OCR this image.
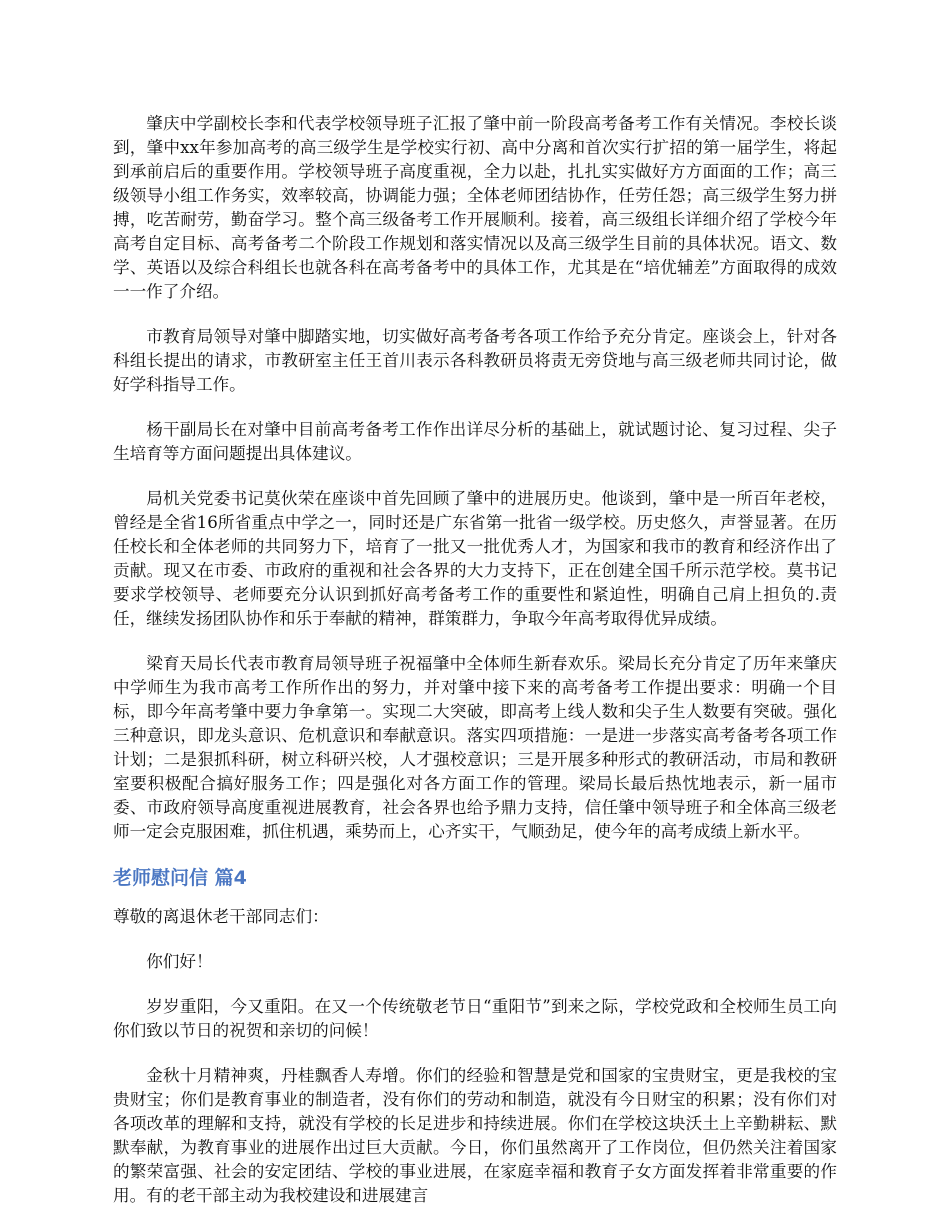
肇庆中学副校长李和代表学校领导班子汇报了肇中前一阶段高考备考工作有关情况。李校长谈到，肇中xx年参加高考的高三级学生是学校实行初、高中分离和首次实行扩招的第一届学生，将起到承前启后的重要作用。学校领导班子高度重视，全力以赴，扎扎实实做好方方面面的工作；高三级领导小组工作务实，效率较高，协调能力强；全体老师团结协作，任劳任怨；高三级学生努力拼搏，吃苦耐劳，勤奋学习。整个高三级备考工作开展顺利。接着，高三级组长详细介绍了学校今年高考自定目标、高考备考二个阶段工作规划和落实情况以及高三级学生目前的具体状况。语文、数学、英语以及综合科组长也就各科在高考备考中的具体工作，尤其是在“培优辅差”方面取得的成效一一作了介绍。

市教育局领导对肇中脚踏实地，切实做好高考备考各项工作给予充分肯定。座谈会上，针对各科组长提出的请求，市教研室主任王首川表示各科教研员将责无旁贷地与高三级老师共同讨论，做好学科指导工作。

杨干副局长在对肇中目前高考备考工作作出详尽分析的基础上，就试题讨论、复习过程、尖子生培育等方面问题提出具体建议。

局机关党委书记莫伙荣在座谈中首先回顾了肇中的进展历史。他谈到，肇中是一所百年老校，曾经是全省16所省重点中学之一，同时还是广东省第一批省一级学校。历史悠久，声誉显著。在历任校长和全体老师的共同努力下，培育了一批又一批优秀人才，为国家和我市的教育和经济作出了贡献。现又在市委、市政府的重视和社会各界的大力支持下，正在创建全国千所示范学校。莫书记要求学校领导、老师要充分认识到抓好高考备考工作的重要性和紧迫性，明确自己肩上担负的.责任，继续发扬团队协作和乐于奉献的精神，群策群力，争取今年高考取得优异成绩。

梁育天局长代表市教育局领导班子祝福肇中全体师生新春欢乐。梁局长充分肯定了历年来肇庆中学师生为我市高考工作所作出的努力，并对肇中接下来的高考备考工作提出要求：明确一个目标，即今年高考肇中要力争拿第一。实现二大突破，即高考上线人数和尖子生人数要有突破。强化三种意识，即龙头意识、危机意识和奉献意识。落实四项措施：一是进一步落实高考备考各项工作计划；二是狠抓科研，树立科研兴校，人才强校意识；三是开展多种形式的教研活动，市局和教研室要积极配合搞好服务工作；四是强化对各方面工作的管理。梁局长最后热忱地表示，新一届市委、市政府领导高度重视进展教育，社会各界也给予鼎力支持，信任肇中领导班子和全体高三级老师一定会克服困难，抓住机遇，乘势而上，心齐实干，气顺劲足，使今年的高考成绩上新水平。

老师慰问信 篇4

尊敬的离退休老干部同志们：

你们好！

岁岁重阳，今又重阳。在又一个传统敬老节日“重阳节”到来之际，学校党政和全校师生员工向你们致以节日的祝贺和亲切的问候！

金秋十月精神爽，丹桂飘香人寿增。你们的经验和智慧是党和国家的宝贵财宝，更是我校的宝贵财宝；你们是教育事业的制造者，没有你们的劳动和制造，就没有今日财宝的积累；没有你们对各项改革的理解和支持，就没有学校的长足进步和持续进展。你们在学校这块沃土上辛勤耕耘、默默奉献，为教育事业的进展作出过巨大贡献。今日，你们虽然离开了工作岗位，但仍然关注着国家的繁荣富强、社会的安定团结、学校的事业进展，在家庭幸福和教育子女方面发挥着非常重要的作用。有的老干部主动为我校建设和进展建言
